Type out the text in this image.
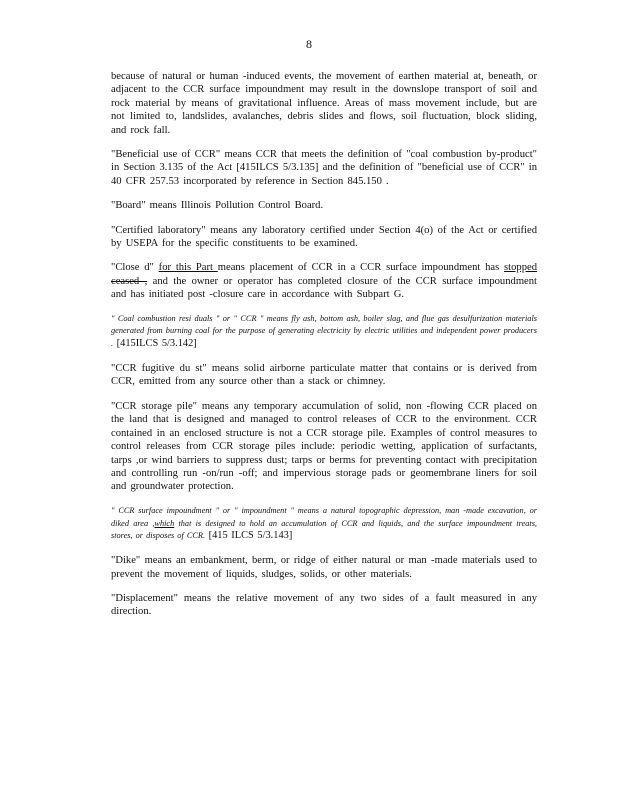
8

because of natural or human -induced events, the movement of earthen material at, beneath, or adjacent to the CCR surface impoundment may result in the downslope transport of soil and rock material by means of gravitational influence. Areas of mass movement include, but are not limited to, landslides, avalanches, debris slides and flows, soil fluctuation, block sliding, and rock fall.

"Beneficial use of CCR" means CCR that meets the definition of "coal combustion by-product" in Section 3.135 of the Act [415ILCS 5/3.135] and the definition of "beneficial use of CCR" in 40 CFR 257.53 incorporated by reference in Section 845.150 .

"Board" means Illinois Pollution Control Board.

"Certified laboratory" means any laboratory certified under Section 4(o) of the Act or certified by USEPA for the specific constituents to be examined.

"Close d" for this Part means placement of CCR in a CCR surface impoundment has stopped ceased , and the owner or operator has completed closure of the CCR surface impoundment and has initiated post -closure care in accordance with Subpart G.

" Coal combustion resi duals " or " CCR " means fly ash, bottom ash, boiler slag, and flue gas desulfurization materials generated from burning coal for the purpose of generating electricity by electric utilities and independent power producers . [415ILCS 5/3.142]

"CCR fugitive du st" means solid airborne particulate matter that contains or is derived from CCR, emitted from any source other than a stack or chimney.

"CCR storage pile" means any temporary accumulation of solid, non -flowing CCR placed on the land that is designed and managed to control releases of CCR to the environment. CCR contained in an enclosed structure is not a CCR storage pile. Examples of control measures to control releases from CCR storage piles include: periodic wetting, application of surfactants, tarps ,or wind barriers to suppress dust; tarps or berms for preventing contact with precipitation and controlling run -on/run -off; and impervious storage pads or geomembrane liners for soil and groundwater protection.

" CCR surface impoundment " or " impoundment " means a natural topographic depression, man -made excavation, or diked area ,which that is designed to hold an accumulation of CCR and liquids, and the surface impoundment treats, stores, or disposes of CCR. [415 ILCS 5/3.143]

"Dike" means an embankment, berm, or ridge of either natural or man -made materials used to prevent the movement of liquids, sludges, solids, or other materials.

"Displacement" means the relative movement of any two sides of a fault measured in any direction.
